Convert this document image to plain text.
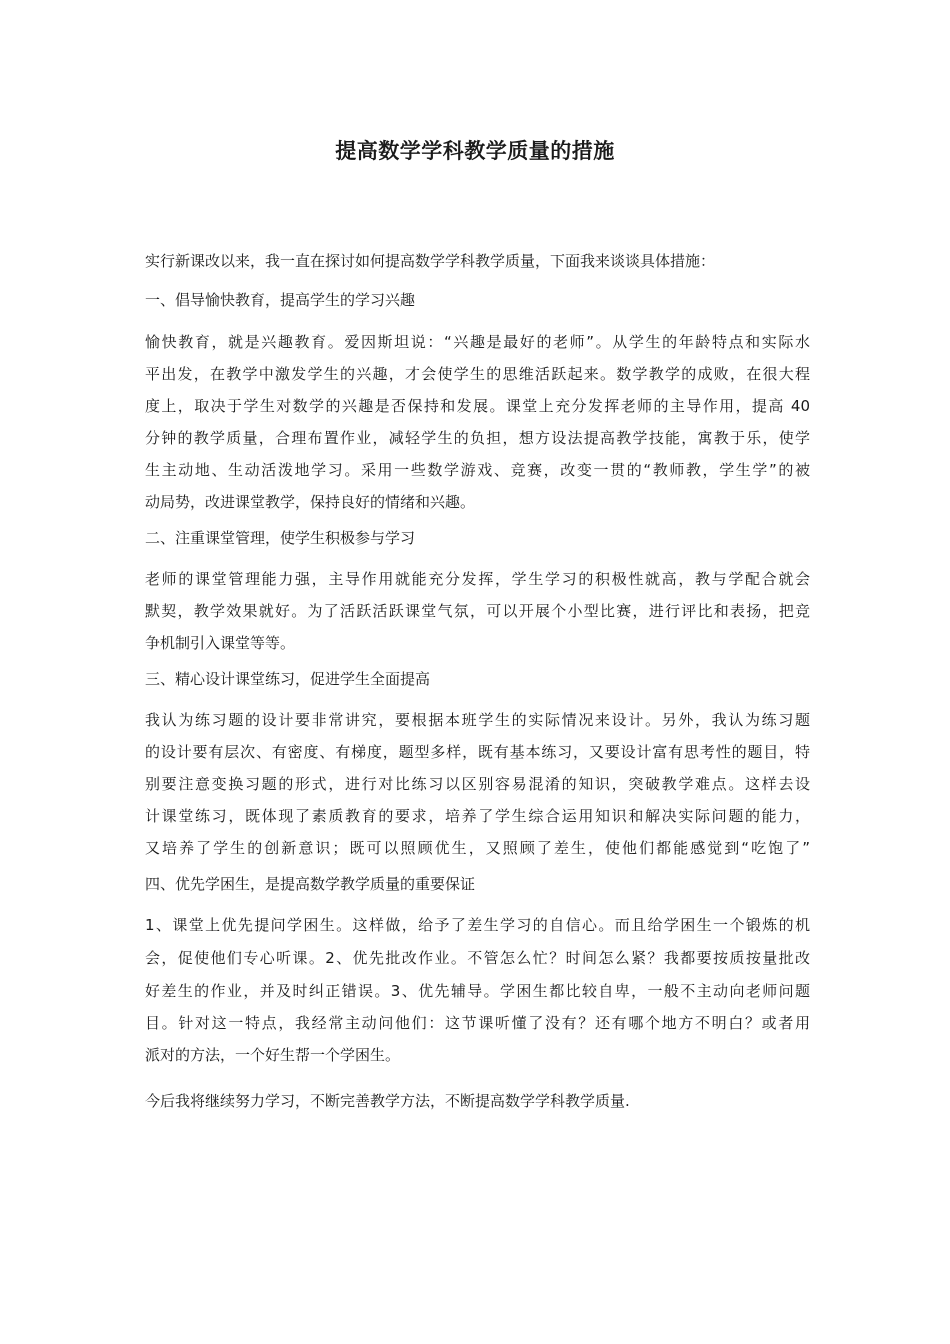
提高数学学科教学质量的措施

实行新课改以来，我一直在探讨如何提高数学学科教学质量，下面我来谈谈具体措施：

一、倡导愉快教育，提高学生的学习兴趣

愉快教育，就是兴趣教育。爱因斯坦说：“兴趣是最好的老师”。从学生的年龄特点和实际水

平出发，在教学中激发学生的兴趣，才会使学生的思维活跃起来。数学教学的成败，在很大程

度上，取决于学生对数学的兴趣是否保持和发展。课堂上充分发挥老师的主导作用，提高 40

分钟的教学质量，合理布置作业，减轻学生的负担，想方设法提高教学技能，寓教于乐，使学

生主动地、生动活泼地学习。采用一些数学游戏、竞赛，改变一贯的“教师教，学生学”的被

动局势，改进课堂教学，保持良好的情绪和兴趣。

二、注重课堂管理，使学生积极参与学习

老师的课堂管理能力强，主导作用就能充分发挥，学生学习的积极性就高，教与学配合就会

默契，教学效果就好。为了活跃活跃课堂气氛，可以开展个小型比赛，进行评比和表扬，把竞

争机制引入课堂等等。

三、精心设计课堂练习，促进学生全面提高

我认为练习题的设计要非常讲究，要根据本班学生的实际情况来设计。另外，我认为练习题

的设计要有层次、有密度、有梯度，题型多样，既有基本练习，又要设计富有思考性的题目，特

别要注意变换习题的形式，进行对比练习以区别容易混淆的知识，突破教学难点。这样去设

计课堂练习，既体现了素质教育的要求，培养了学生综合运用知识和解决实际问题的能力，

又培养了学生的创新意识；既可以照顾优生，又照顾了差生，使他们都能感觉到“吃饱了”

四、优先学困生，是提高数学教学质量的重要保证

1、课堂上优先提问学困生。这样做，给予了差生学习的自信心。而且给学困生一个锻炼的机

会，促使他们专心听课。2、优先批改作业。不管怎么忙？时间怎么紧？我都要按质按量批改

好差生的作业，并及时纠正错误。3、优先辅导。学困生都比较自卑，一般不主动向老师问题

目。针对这一特点，我经常主动问他们：这节课听懂了没有？还有哪个地方不明白？或者用

派对的方法，一个好生帮一个学困生。

今后我将继续努力学习，不断完善教学方法，不断提高数学学科教学质量.
